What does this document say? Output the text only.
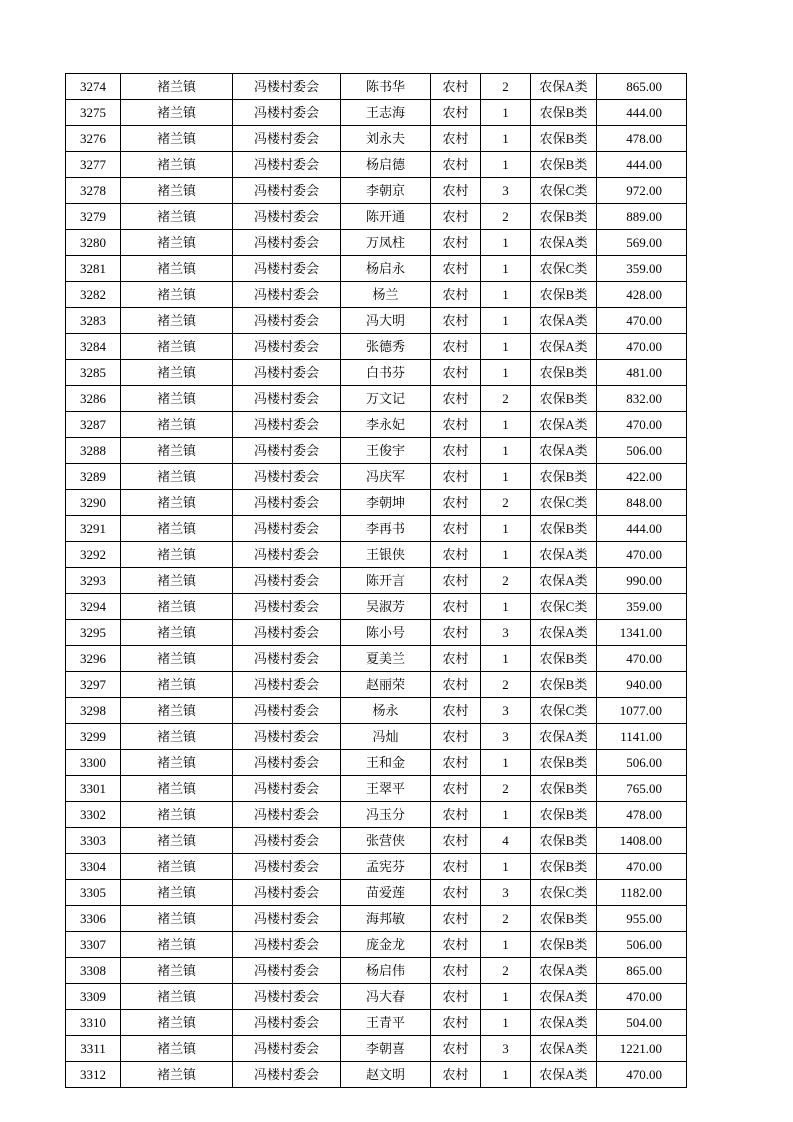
3274	褚兰镇	冯楼村委会	陈书华	农村	2	农保A类	865.00
3275	褚兰镇	冯楼村委会	王志海	农村	1	农保B类	444.00
3276	褚兰镇	冯楼村委会	刘永夫	农村	1	农保B类	478.00
3277	褚兰镇	冯楼村委会	杨启德	农村	1	农保B类	444.00
3278	褚兰镇	冯楼村委会	李朝京	农村	3	农保C类	972.00
3279	褚兰镇	冯楼村委会	陈开通	农村	2	农保B类	889.00
3280	褚兰镇	冯楼村委会	万凤柱	农村	1	农保A类	569.00
3281	褚兰镇	冯楼村委会	杨启永	农村	1	农保C类	359.00
3282	褚兰镇	冯楼村委会	杨兰	农村	1	农保B类	428.00
3283	褚兰镇	冯楼村委会	冯大明	农村	1	农保A类	470.00
3284	褚兰镇	冯楼村委会	张德秀	农村	1	农保A类	470.00
3285	褚兰镇	冯楼村委会	白书芬	农村	1	农保B类	481.00
3286	褚兰镇	冯楼村委会	万文记	农村	2	农保B类	832.00
3287	褚兰镇	冯楼村委会	李永妃	农村	1	农保A类	470.00
3288	褚兰镇	冯楼村委会	王俊宇	农村	1	农保A类	506.00
3289	褚兰镇	冯楼村委会	冯庆军	农村	1	农保B类	422.00
3290	褚兰镇	冯楼村委会	李朝坤	农村	2	农保C类	848.00
3291	褚兰镇	冯楼村委会	李再书	农村	1	农保B类	444.00
3292	褚兰镇	冯楼村委会	王银侠	农村	1	农保A类	470.00
3293	褚兰镇	冯楼村委会	陈开言	农村	2	农保A类	990.00
3294	褚兰镇	冯楼村委会	吴淑芳	农村	1	农保C类	359.00
3295	褚兰镇	冯楼村委会	陈小号	农村	3	农保A类	1341.00
3296	褚兰镇	冯楼村委会	夏美兰	农村	1	农保B类	470.00
3297	褚兰镇	冯楼村委会	赵丽荣	农村	2	农保B类	940.00
3298	褚兰镇	冯楼村委会	杨永	农村	3	农保C类	1077.00
3299	褚兰镇	冯楼村委会	冯灿	农村	3	农保A类	1141.00
3300	褚兰镇	冯楼村委会	王和金	农村	1	农保B类	506.00
3301	褚兰镇	冯楼村委会	王翠平	农村	2	农保B类	765.00
3302	褚兰镇	冯楼村委会	冯玉分	农村	1	农保B类	478.00
3303	褚兰镇	冯楼村委会	张营侠	农村	4	农保B类	1408.00
3304	褚兰镇	冯楼村委会	孟宪芬	农村	1	农保B类	470.00
3305	褚兰镇	冯楼村委会	苗爱莲	农村	3	农保C类	1182.00
3306	褚兰镇	冯楼村委会	海邦敏	农村	2	农保B类	955.00
3307	褚兰镇	冯楼村委会	庞金龙	农村	1	农保B类	506.00
3308	褚兰镇	冯楼村委会	杨启伟	农村	2	农保A类	865.00
3309	褚兰镇	冯楼村委会	冯大春	农村	1	农保A类	470.00
3310	褚兰镇	冯楼村委会	王青平	农村	1	农保A类	504.00
3311	褚兰镇	冯楼村委会	李朝喜	农村	3	农保A类	1221.00
3312	褚兰镇	冯楼村委会	赵文明	农村	1	农保A类	470.00
